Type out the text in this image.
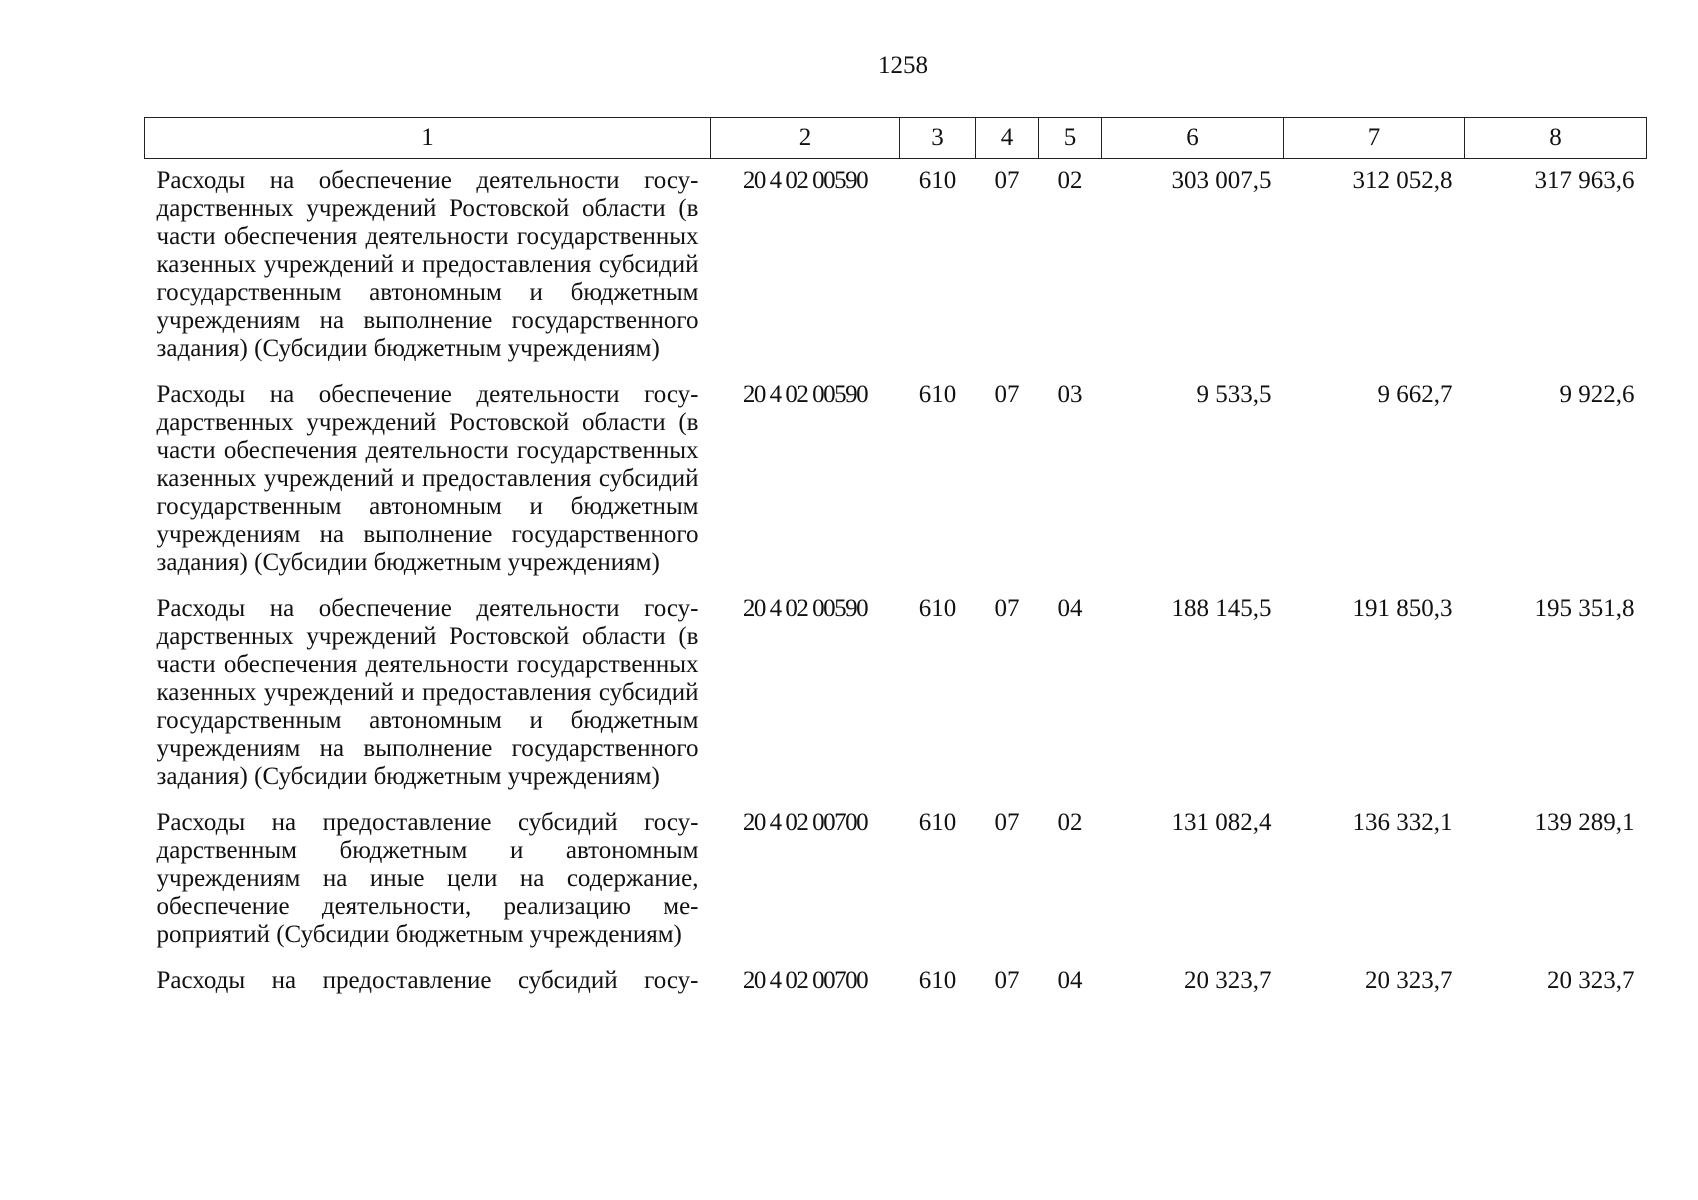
1258
1	2	3	4	5	6	7	8
Расходы на обеспечение деятельности государственных учреждений Ростовской области (в части обеспечения деятельности государственных казенных учреждений и предоставления субсидий государственным автономным и бюджетным учреждениям на выполнение государственного задания) (Субсидии бюджетным учреждениям)	20 4 02 00590	610	07	02	303 007,5	312 052,8	317 963,6
Расходы на обеспечение деятельности государственных учреждений Ростовской области (в части обеспечения деятельности государственных казенных учреждений и предоставления субсидий государственным автономным и бюджетным учреждениям на выполнение государственного задания) (Субсидии бюджетным учреждениям)	20 4 02 00590	610	07	03	9 533,5	9 662,7	9 922,6
Расходы на обеспечение деятельности государственных учреждений Ростовской области (в части обеспечения деятельности государственных казенных учреждений и предоставления субсидий государственным автономным и бюджетным учреждениям на выполнение государственного задания) (Субсидии бюджетным учреждениям)	20 4 02 00590	610	07	04	188 145,5	191 850,3	195 351,8
Расходы на предоставление субсидий государственным бюджетным и автономным учреждениям на иные цели на содержание, обеспечение деятельности, реализацию мероприятий (Субсидии бюджетным учреждениям)	20 4 02 00700	610	07	02	131 082,4	136 332,1	139 289,1
Расходы на предоставление субсидий госу-	20 4 02 00700	610	07	04	20 323,7	20 323,7	20 323,7
